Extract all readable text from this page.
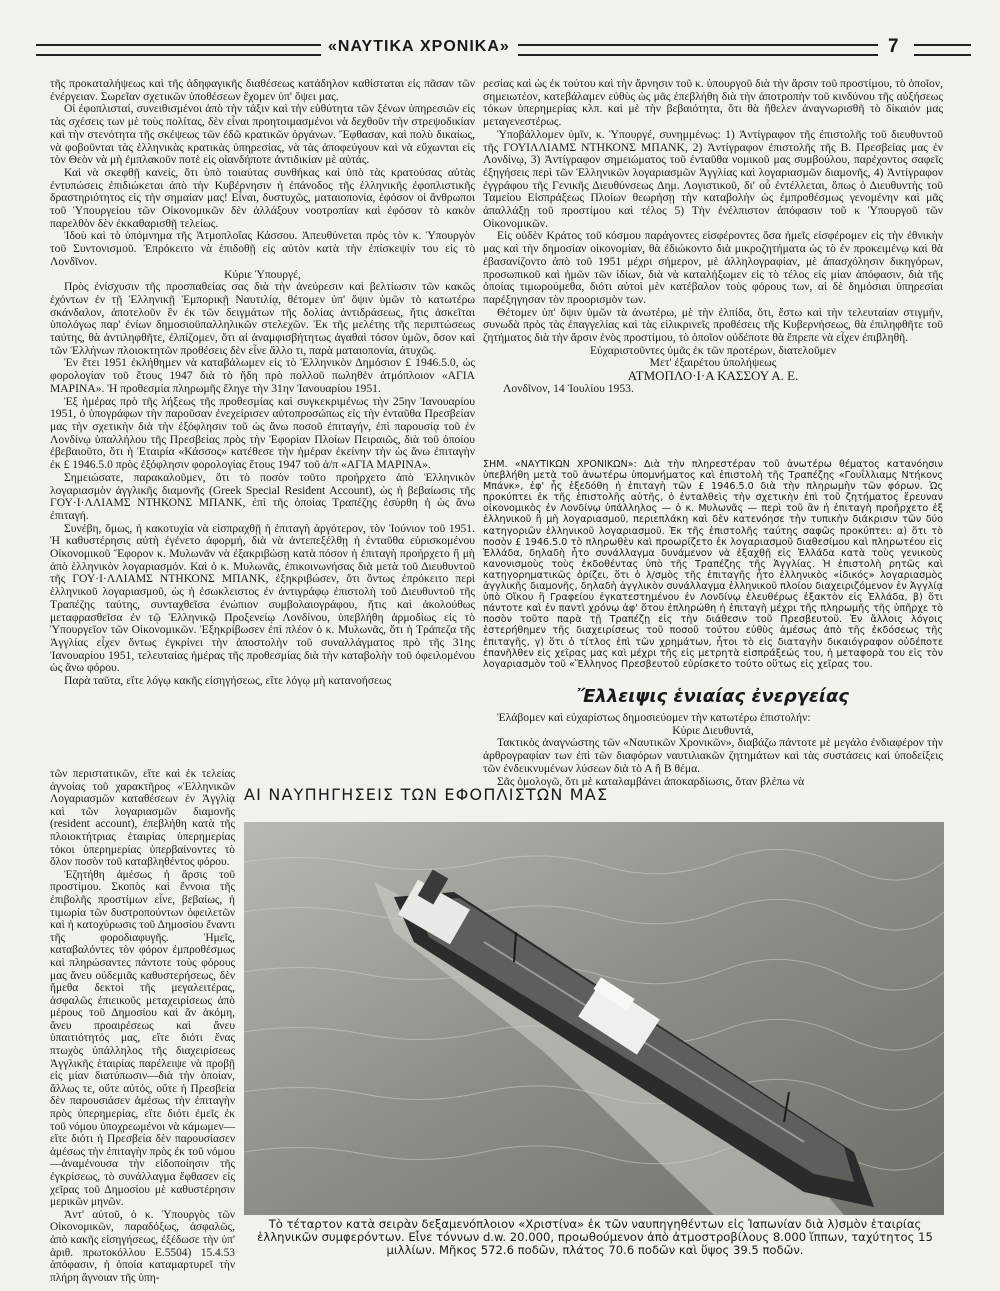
«ΝΑΥΤΙΚΑ ΧΡΟΝΙΚΑ»	7

τῆς προκαταλήψεως καὶ τῆς ἀδηφαγικῆς διαθέσεως κατάδηλον καθίσταται εἰς πᾶσαν τῶν ἐνέργειαν. Σωρεῖαν σχετικῶν ὑποθέσεων ἔχομεν ὑπ' ὄψει μας.

Οἱ ἐφοπλισταί, συνειθισμένοι ἀπὸ τὴν τάξιν καὶ τὴν εὐθύτητα τῶν ξένων ὑπηρεσιῶν εἰς τὰς σχέσεις των μὲ τοὺς πολίτας, δὲν εἶναι προητοιμασμένοι νὰ δεχθοῦν τὴν στρεψοδικίαν καὶ τὴν στενότητα τῆς σκέψεως τῶν ἐδῶ κρατικῶν ὀργάνων. Ἔφθασαν, καὶ πολὺ δικαίως, νὰ φοβοῦνται τὰς ἑλληνικὰς κρατικὰς ὑπηρεσίας, νὰ τὰς ἀποφεύγουν καὶ νὰ εὔχωνται εἰς τὸν Θεὸν νὰ μὴ ἐμπλακοῦν ποτὲ εἰς οἱανδήποτε ἀντιδικίαν μὲ αὐτάς.

Καὶ νὰ σκεφθῇ κανείς, ὅτι ὑπὸ τοιαύτας συνθήκας καὶ ὑπὸ τὰς κρατούσας αὐτὰς ἐντυπώσεις ἐπιδιώκεται ἀπὸ τὴν Κυβέρνησιν ἡ ἐπάνοδος τῆς ἑλληνικῆς ἐφοπλιστικῆς δραστηριότητος εἰς τὴν σημαίαν μας! Εἶναι, δυστυχῶς, ματαιοπονία, ἐφόσον οἱ ἄνθρωποι τοῦ Ὑπουργείου τῶν Οἰκονομικῶν δὲν ἀλλάξουν νοοτροπίαν καὶ ἐφόσον τὸ κακὸν παρελθὸν δὲν ἐκκαθαρισθῇ τελείως.

Ἰδοὺ καὶ τὸ ὑπόμνημα τῆς Ἀτμοπλοΐας Κάσσου. Ἀπευθύνεται πρὸς τὸν κ. Ὑπουργὸν τοῦ Συντονισμοῦ. Ἐπρόκειτο νὰ ἐπιδοθῇ εἰς αὐτὸν κατὰ τὴν ἐπίσκεψίν του εἰς τὸ Λονδῖνον.

Κύριε Ὑπουργέ,

Πρὸς ἐνίσχυσιν τῆς προσπαθείας σας διὰ τὴν ἀνεύρεσιν καὶ βελτίωσιν τῶν κακῶς ἐχόντων ἐν τῇ Ἑλληνικῇ Ἐμπορικῇ Ναυτιλίᾳ, θέτομεν ὑπ' ὄψιν ὑμῶν τὸ κατωτέρω σκάνδαλον, ἀποτελοῦν ἓν ἐκ τῶν δειγμάτων τῆς δολίας ἀντιδράσεως, ἥτις ἀσκεῖται ὑπολόγως παρ' ἐνίων δημοσιοϋπαλληλικῶν στελεχῶν. Ἐκ τῆς μελέτης τῆς περιπτώσεως ταύτης, θὰ ἀντιληφθῆτε, ἐλπίζομεν, ὅτι αἱ ἀναμφισβήτητως ἀγαθαὶ τόσον ὑμῶν, ὅσον καὶ τῶν Ἑλλήνων πλοιοκτητῶν προθέσεις δὲν εἶνε ἄλλο τι, παρὰ ματαιοπονία, ἀτυχῶς.

Ἐν ἔτει 1951 ἐκλήθημεν νὰ καταβάλωμεν εἰς τὸ Ἑλληνικὸν Δημόσιον £ 1946.5.0, ὡς φορολογίαν τοῦ ἔτους 1947 διὰ τὸ ἤδη πρὸ πολλοῦ πωληθὲν ἀτμόπλοιον «ΑΓΙΑ ΜΑΡΙΝΑ». Ἡ προθεσμία πληρωμῆς ἔληγε τὴν 31ην Ἰανουαρίου 1951.

Ἐξ ἡμέρας πρὸ τῆς λήξεως τῆς προθεσμίας καὶ συγκεκριμένως τὴν 25ην Ἰανουαρίου 1951, ὁ ὑπογράφων τὴν παροῦσαν ἐνεχείρισεν αὐτοπροσώπως εἰς τὴν ἐνταῦθα Πρεσβείαν μας τὴν σχετικὴν διὰ τὴν ἐξόφλησιν τοῦ ὡς ἄνω ποσοῦ ἐπιταγήν, ἐπὶ παρουσίᾳ τοῦ ἐν Λονδίνῳ ὑπαλλήλου τῆς Πρεσβείας πρὸς τὴν Ἐφορίαν Πλοίων Πειραιῶς, διὰ τοῦ ὁποίου ἐβεβαιοῦτο, ὅτι ἡ Ἑταιρία «Κάσσος» κατέθεσε τὴν ἡμέραν ἐκείνην τὴν ὡς ἄνω ἐπιταγὴν ἐκ £ 1946.5.0 πρὸς ἐξόφλησιν φορολογίας ἔτους 1947 τοῦ ἁ/π «ΑΓΙΑ ΜΑΡΙΝΑ».

Σημειώσατε, παρακαλοῦμεν, ὅτι τὸ ποσὸν τοῦτο προήρχετο ἀπὸ Ἑλληνικὸν λογαριασμὸν ἀγγλικῆς διαμονῆς (Greek Special Resident Account), ὡς ἡ βεβαίωσις τῆς ΓΟΥ·Ι·ΛΛΙΑΜΣ ΝΤΗΚΟΝΣ ΜΠΑΝΚ, ἐπὶ τῆς ὁποίας Τραπέζης ἐσύρθη ἡ ὡς ἄνω ἐπιταγή.

Συνέβη, ὅμως, ἡ κακοτυχία νὰ εἰσπραχθῇ ἡ ἐπιταγὴ ἀργότερον, τὸν Ἰούνιον τοῦ 1951. Ἡ καθυστέρησις αὐτὴ ἐγένετο ἀφορμή, διὰ νὰ ἀντεπεξέλθῃ ἡ ἐνταῦθα εὑρισκομένου Οἰκονομικοῦ Ἔφορον κ. Μυλωνᾶν νὰ ἐξακριβώσῃ κατὰ πόσον ἡ ἐπιταγὴ προήρχετο ἢ μὴ ἀπὸ ἑλληνικὸν λογαριασμόν. Καὶ ὁ κ. Μυλωνᾶς, ἐπικοινωνήσας διὰ μετὰ τοῦ Διευθυντοῦ τῆς ΓΟΥ·Ι·ΛΛΙΑΜΣ ΝΤΗΚΟΝΣ ΜΠΑΝΚ, ἐξηκριβώσεν, ὅτι ὄντως ἐπρόκειτο περὶ ἑλληνικοῦ λογαριασμοῦ, ὡς ἡ ἐσωκλειστος ἐν ἀντιγράφῳ ἐπιστολὴ τοῦ Διευθυντοῦ τῆς Τραπέζης ταύτης, συνταχθεῖσα ἐνώπιον συμβολαιογράφου, ἥτις καὶ ἀκολούθως μεταφρασθεῖσα ἐν τῷ Ἑλληνικῷ Προξενείῳ Λονδίνου, ὑπεβλήθη ἁρμοδίως εἰς τὸ Ὑπουργεῖον τῶν Οἰκονομικῶν. Ἐξηκρίβωσεν ἐπὶ πλέον ὁ κ. Μυλωνᾶς, ὅτι ἡ Τράπεζα τῆς Ἀγγλίας εἶχεν ὄντως ἐγκρίνει τὴν ἀποστολὴν τοῦ συναλλάγματος πρὸ τῆς 31ης Ἰανουαρίου 1951, τελευταίας ἡμέρας τῆς προθεσμίας διὰ τὴν καταβολὴν τοῦ ὀφειλομένου ὡς ἄνω φόρου.

Παρὰ ταῦτα, εἴτε λόγῳ κακῆς εἰσηγήσεως, εἴτε λόγῳ μὴ κατανοήσεως

τῶν περιστατικῶν, εἴτε καὶ ἐκ τελείας ἀγνοίας τοῦ χαρακτῆρος «Ἑλληνικῶν Λογαριασμῶν καταθέσεων ἐν Ἀγγλίᾳ καὶ τῶν λογαριασμῶν διαμονῆς (resident account), ἐπεβλήθη κατὰ τῆς πλοιοκτήτριας ἑταιρίας ὑπερημερίας τόκοι ὑπερημερίας ὑπερβαίνοντες τὸ ὅλον ποσὸν τοῦ καταβληθέντος φόρου.

Ἐζητήθη ἀμέσως ἡ ἄρσις τοῦ προστίμου. Σκοπὸς καὶ ἔννοια τῆς ἐπιβολῆς προστίμων εἶνε, βεβαίως, ἡ τιμωρία τῶν δυστροπούντων ὀφειλετῶν καὶ ἡ κατοχύρωσις τοῦ Δημοσίου ἔναντι τῆς φοροδιαφυγῆς. Ἡμεῖς, καταβαλόντες τὸν φόρον ἐμπροθέσμως καὶ πληρώσαντες πάντοτε τοὺς φόρους μας ἄνευ οὐδεμιᾶς καθυστερήσεως, δὲν ἤμεθα δεκτοὶ τῆς μεγαλειτέρας, ἀσφαλῶς ἐπιεικοῦς μεταχειρίσεως ἀπὸ μέρους τοῦ Δημοσίου καὶ ἄν ἀκόμη, ἄνευ προαιρέσεως καὶ ἄνευ ὑπαιτιότητός μας, εἴτε διότι ἕνας πτωχὸς ὑπάλληλος τῆς διαχειρίσεως Ἀγγλικῆς ἑταιρίας παρέλειψε νὰ προβῇ εἰς μίαν διατύπωσιν—διὰ τὴν ὁποίαν, ἄλλως τε, οὔτε αὐτός, οὔτε ἡ Πρεσβεία δὲν παρουσιάσεν ἀμέσως τὴν ἐπιταγὴν πρὸς ὑπερημερίας, εἴτε διότι ἐμεῖς ἐκ τοῦ νόμου ὑποχρεωμένοι νὰ κάμωμεν—εἴτε διότι ἡ Πρεσβεία δὲν παρουσίασεν ἀμέσως τὴν ἐπιταγὴν πρὸς ἐκ τοῦ νόμου—ἀναμένουσα τὴν εἰδοποίησιν τῆς ἐγκρίσεως, τὸ συνάλλαγμα ἔφθασεν εἰς χεῖρας τοῦ Δημοσίου μὲ καθυστέρησιν μερικῶν μηνῶν.

Ἀντ' αὐτοῦ, ὁ κ. Ὑπουργὸς τῶν Οἰκονομικῶν, παραδόξως, ἀσφαλῶς, ἀπὸ κακῆς εἰσηγήσεως, ἐξέδωσε τὴν ὑπ' ἀριθ. πρωτοκόλλου Ε.5504) 15.4.53 ἀπόφασιν, ἡ ὁποία καταμαρτυρεῖ τὴν πλήρη ἄγνοιαν τῆς ὑπη-

ρεσίας καὶ ὡς ἐκ τούτου καὶ τὴν ἄρνησιν τοῦ κ. ὑπουργοῦ διὰ τὴν ἄρσιν τοῦ προστίμου, τὸ ὁποῖον, σημειωτέον, κατεβάλαμεν εὐθὺς ὡς μᾶς ἐπεβλήθη διὰ τὴν ἀποτροπὴν τοῦ κινδύνου τῆς αὐξήσεως τόκων ὑπερημερίας κλπ. καὶ μὲ τὴν βεβαιότητα, ὅτι θὰ ἤθελεν ἀναγνωρισθῆ τὸ δίκαιόν μας μεταγενεστέρως.

Ὑποβάλλομεν ὑμῖν, κ. Ὑπουργέ, συνημμένως: 1) Ἀντίγραφον τῆς ἐπιστολῆς τοῦ διευθυντοῦ τῆς ΓΟΥΙΛΛΙΑΜΣ ΝΤΗΚΟΝΣ ΜΠΑΝΚ, 2) Ἀντίγραφον ἐπιστολῆς τῆς Β. Πρεσβείας μας ἐν Λονδίνῳ, 3) Ἀντίγραφον σημειώματος τοῦ ἐνταῦθα νομικοῦ μας συμβούλου, παρέχοντος σαφεῖς ἐξηγήσεις περὶ τῶν Ἑλληνικῶν λογαριασμῶν Ἀγγλίας καὶ λογαριασμῶν διαμονῆς, 4) Ἀντίγραφον ἐγγράφου τῆς Γενικῆς Διευθύνσεως Δημ. Λογιστικοῦ, δι' οὗ ἐντέλλεται, ὅπως ὁ Διευθυντὴς τοῦ Ταμείου Εἰσπράξεως Πλοίων θεωρήσῃ τὴν καταβολὴν ὡς ἐμπροθέσμως γενομένην καὶ μᾶς ἀπαλλάξῃ τοῦ προστίμου καὶ τέλος 5) Τὴν ἐνέλπιστον ἀπόφασιν τοῦ κ Ὑπουργοῦ τῶν Οἰκονομικῶν.

Εἰς οὐδὲν Κράτος τοῦ κόσμου παράγοντες εἰσφέροντες ὅσα ἡμεῖς εἰσφέρομεν εἰς τὴν ἐθνικὴν μας καὶ τὴν δημοσίαν οἰκονομίαν, θὰ ἐδιώκοντο διὰ μικροζητήματα ὡς τὸ ἐν προκειμένῳ καὶ θὰ ἐβασανίζοντο ἀπὸ τοῦ 1951 μέχρι σήμερον, μὲ ἀλληλογραφίαν, μὲ ἀπασχόλησιν δικηγόρων, προσωπικοῦ καὶ ἡμῶν τῶν ἰδίων, διὰ νὰ καταλήξωμεν εἰς τὸ τέλος εἰς μίαν ἀπόφασιν, διὰ τῆς ὁποίας τιμωρούμεθα, διότι αὐτοὶ μὲν κατέβαλον τοὺς φόρους των, αἱ δὲ δημόσιαι ὑπηρεσίαι παρέξηγησαν τὸν προορισμὸν των.

Θέτομεν ὑπ' ὄψιν ὑμῶν τὰ ἀνωτέρω, μὲ τὴν ἐλπίδα, ὅτι, ἔστω καὶ τὴν τελευταίαν στιγμήν, συνωδὰ πρὸς τὰς ἐπαγγελίας καὶ τὰς εἰλικρινεῖς προθέσεις τῆς Κυβερνήσεως, θὰ ἐπιληφθῆτε τοῦ ζητήματος διὰ τὴν ἄρσιν ἑνὸς προστίμου, τὸ ὁποῖον οὐδέποτε θὰ ἔπρεπε νὰ εἶχεν ἐπιβληθῆ.

Εὐχαριστοῦντες ὑμᾶς ἐκ τῶν προτέρων, διατελοῦμεν

Μετ' ἐξαιρέτου ὑπολήψεως

ΑΤΜΟΠΛΟ·Ι·Α ΚΑΣΣΟΥ Α. Ε.

Λονδῖνον, 14 Ἰουλίου 1953.

ΣΗΜ. «ΝΑΥΤΙΚΩΝ ΧΡΟΝΙΚΩΝ»: Διὰ τὴν πληρεστέραν τοῦ ἀνωτέρω θέματος κατανόησιν ὑπεβλήθη μετὰ τοῦ ἀνωτέρω ὑπομνήματος καὶ ἐπιστολὴ τῆς Τραπέζης «Γουΐλλιαμς Ντήκονς Μπάνκ», ἐφ' ἧς ἐξεδόθη ἡ ἐπιταγὴ τῶν £ 1946.5.0 διὰ τὴν πληρωμὴν τῶν φόρων. Ὡς προκύπτει ἐκ τῆς ἐπιστολῆς αὐτῆς, ὁ ἐνταλθεὶς τὴν σχετικὴν ἐπὶ τοῦ ζητήματος ἔρευναν οἰκονομικὸς ἐν Λονδίνῳ ὑπάλληλος — ὁ κ. Μυλωνᾶς — περὶ τοῦ ἂν ἡ ἐπιταγὴ προῆρχετο ἐξ ἑλληνικοῦ ἢ μὴ λογαριασμοῦ, περιεπλάκη καὶ δὲν κατενόησε τὴν τυπικὴν διάκρισιν τῶν δύο κατηγοριῶν ἑλληνικοῦ λογαριασμοῦ. Ἐκ τῆς ἐπιστολῆς ταύτης σαφῶς προκύπτει: α) ὅτι τὸ ποσὸν £ 1946.5.0 τὸ πληρωθὲν καὶ προωρίζετο ἐκ λογαριασμοῦ διαθεσίμου καὶ πληρωτέου εἰς Ἑλλάδα, δηλαδὴ ἦτο συνάλλαγμα δυνάμενον νὰ ἐξαχθῇ εἰς Ἑλλάδα κατὰ τοὺς γενικοὺς κανονισμοὺς τοὺς ἐκδοθέντας ὑπὸ τῆς Τραπέζης τῆς Ἀγγλίας. Ἡ ἐπιστολὴ ρητῶς καὶ κατηγορηματικῶς ὁρίζει, ὅτι ὁ λ/σμὸς τῆς ἐπιταγῆς ἦτο ἑλληνικὸς «ἰδικός» λογαριασμὸς ἀγγλικῆς διαμονῆς, δηλαδὴ ἀγγλικὸν συνάλλαγμα ἑλληνικοῦ πλοίου διαχειριζόμενον ἐν Ἀγγλίᾳ ὑπὸ Οἴκου ἢ Γραφείου ἐγκατεστημένου ἐν Λονδίνῳ ἐλευθέρως ἐξακτὸν εἰς Ἑλλάδα, β) ὅτι πάντοτε καὶ ἐν παντὶ χρόνῳ ἀφ' ὅτου ἐπληρώθη ἡ ἐπιταγὴ μέχρι τῆς πληρωμῆς τῆς ὑπῆρχε τὸ ποσὸν τοῦτο παρὰ τῇ Τραπέζῃ εἰς τὴν διάθεσιν τοῦ Πρεσβευτοῦ. Ἐν ἄλλοις λόγοις ἐστερήθημεν τῆς διαχειρίσεως τοῦ ποσοῦ τούτου εὐθὺς ἀμέσως ἀπὸ τῆς ἐκδόσεως τῆς ἐπιταγῆς, γ) ὅτι ὁ τίτλος ἐπὶ τῶν χρημάτων, ἦτοι τὸ εἰς διαταγὴν δικαιόγραφον οὐδέποτε ἐπανῆλθεν εἰς χεῖρας μας καὶ μέχρι τῆς εἰς μετρητὰ εἰσπράξεώς του, ἡ μεταφορὰ του εἰς τὸν λογαριασμὸν τοῦ «Ἕλληνος Πρεσβευτοῦ εὑρίσκετο τούτο οὕτως εἰς χεῖρας του.

Ἔλλειψις ἑνιαίας ἐνεργείας

Ἐλάβομεν καὶ εὐχαρίστως δημοσιεύομεν τὴν κατωτέρω ἐπιστολήν:

Κύριε Διευθυντά,

Τακτικὸς ἀναγνώστης τῶν «Ναυτικῶν Χρονικῶν», διαβάζω πάντοτε μὲ μεγάλο ἐνδιαφέρον τὴν ἀρθρογραφίαν των ἐπὶ τῶν διαφόρων ναυτιλιακῶν ζητημάτων καὶ τὰς συστάσεις καὶ ὑποδείξεις τῶν ἐνδεικνυμένων λύσεων διὰ τὸ Α ἢ Β θέμα.

Σᾶς ὁμολογῶ, ὅτι μὲ καταλαμβάνει ἀποκαρδίωσις, ὅταν βλέπω νὰ

ΑΙ ΝΑΥΠΗΓΗΣΕΙΣ ΤΩΝ ΕΦΟΠΛΙΣΤΩΝ ΜΑΣ
Τὸ τέταρτον κατὰ σειρὰν δεξαμενόπλοιον «Χριστίνα» ἐκ τῶν ναυπηγηθέντων εἰς Ἰαπωνίαν διὰ λ)σμὸν ἑταιρίας ἑλληνικῶν συμφερόντων. Εἶνε τόννων d.w. 20.000, προωθούμενον ἀπὸ ἀτμοστροβίλους 8.000 ἵππων, ταχύτητος 15 μιλλίων. Μῆκος 572.6 ποδῶν, πλάτος 70.6 ποδῶν καὶ ὕψος 39.5 ποδῶν.
